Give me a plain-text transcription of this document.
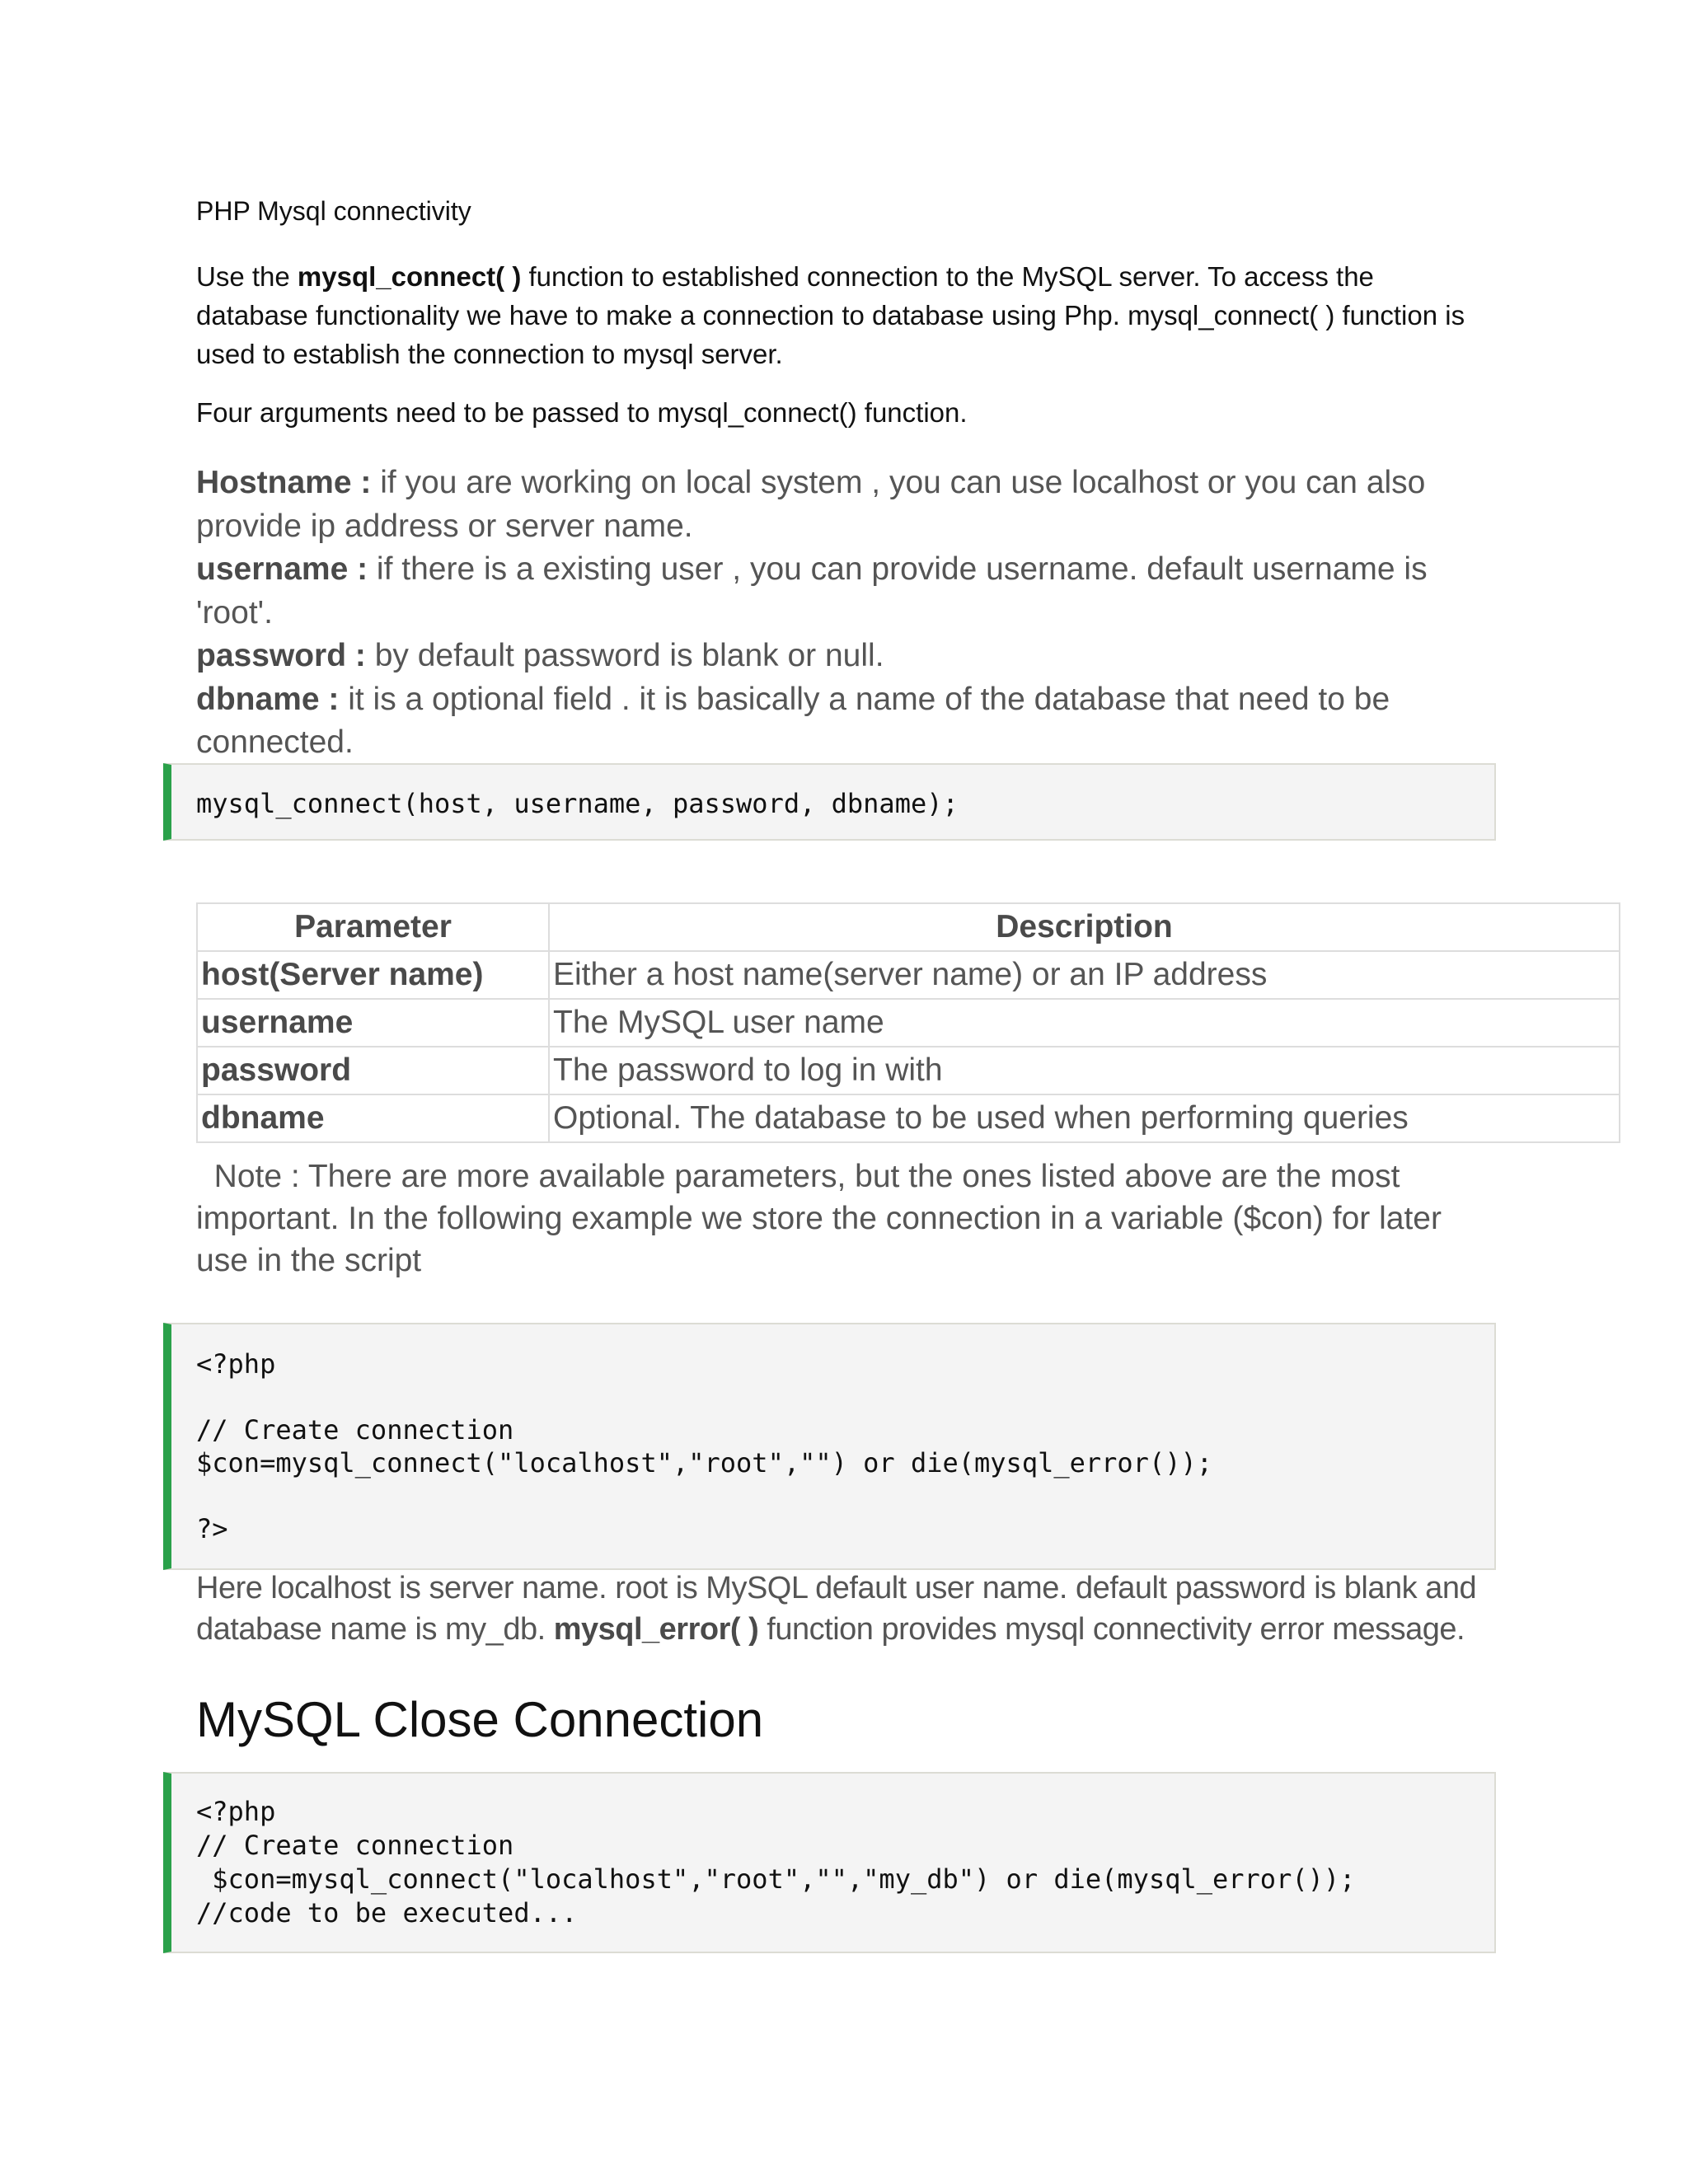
PHP Mysql connectivity
Use the mysql_connect( ) function to established connection to the MySQL server. To access the database functionality we have to make a connection to database using Php. mysql_connect( ) function is used to establish the connection to mysql server.
Four arguments need to be passed to mysql_connect() function.
Hostname : if you are working on local system , you can use localhost or you can also provide ip address or server name.
username : if there is a existing user , you can provide username. default username is 'root'.
password : by default password is blank or null.
dbname : it is a optional field . it is basically a name of the database that need to be connected.
mysql_connect(host, username, password, dbname);
Parameter	Description
host(Server name)	Either a host name(server name) or an IP address
username	The MySQL user name
password	The password to log in with
dbname	Optional. The database to be used when performing queries
Note : There are more available parameters, but the ones listed above are the most important. In the following example we store the connection in a variable ($con) for later use in the script
<?php

// Create connection
$con=mysql_connect("localhost","root","") or die(mysql_error());

?>
Here localhost is server name. root is MySQL default user name. default password is blank and database name is my_db. mysql_error( ) function provides mysql connectivity error message.
MySQL Close Connection
<?php
// Create connection
$con=mysql_connect("localhost","root","","my_db") or die(mysql_error());
//code to be executed...
